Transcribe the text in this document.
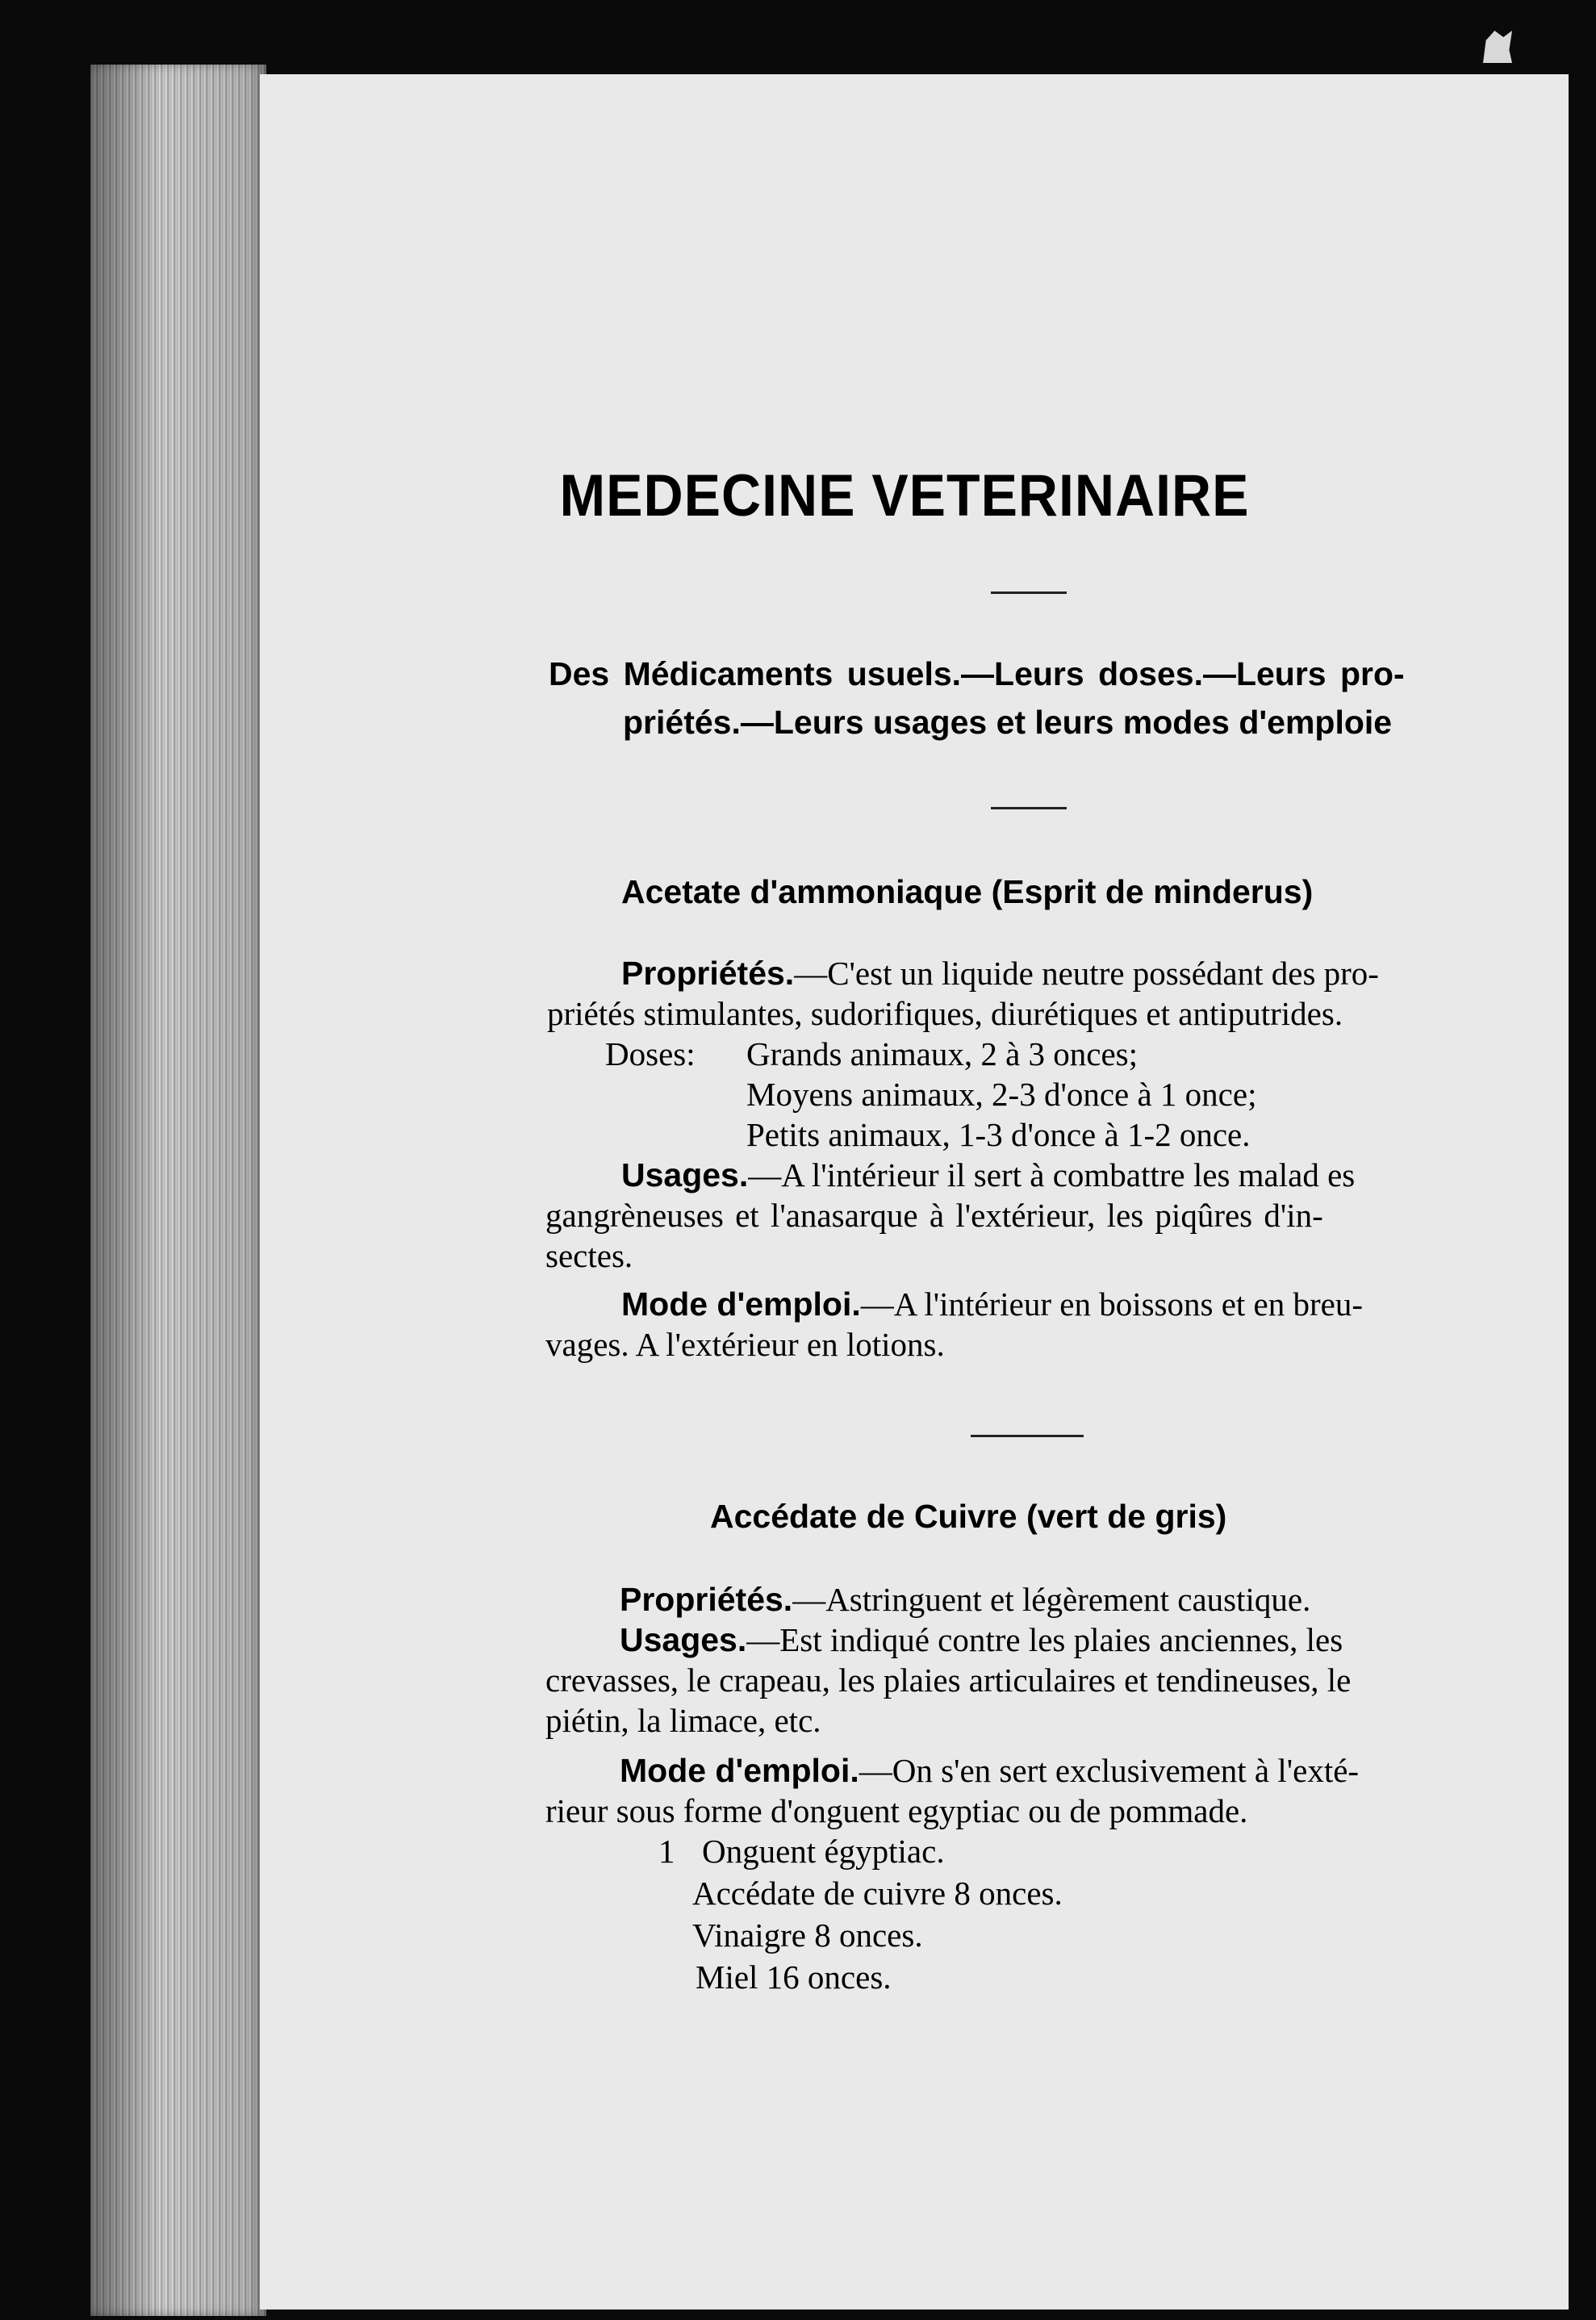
MEDECINE VETERINAIRE
Des Médicaments usuels.—Leurs doses.—Leurs pro-
priétés.—Leurs usages et leurs modes d'emploie
Acetate d'ammoniaque (Esprit de minderus)
Propriétés.—C'est un liquide neutre possédant des pro-
priétés stimulantes, sudorifiques, diurétiques et antiputrides.
Doses: Grands animaux, 2 à 3 onces;
Moyens animaux, 2-3 d'once à 1 once;
Petits animaux, 1-3 d'once à 1-2 once.
Usages.—A l'intérieur il sert à combattre les malad es
gangrèneuses et l'anasarque à l'extérieur, les piqûres d'in-
sectes.
Mode d'emploi.—A l'intérieur en boissons et en breu-
vages. A l'extérieur en lotions.
Accédate de Cuivre (vert de gris)
Propriétés.—Astringuent et légèrement caustique.
Usages.—Est indiqué contre les plaies anciennes, les
crevasses, le crapeau, les plaies articulaires et tendineuses, le
piétin, la limace, etc.
Mode d'emploi.—On s'en sert exclusivement à l'exté-
rieur sous forme d'onguent egyptiac ou de pommade.
1 Onguent égyptiac.
Accédate de cuivre 8 onces.
Vinaigre 8 onces.
Miel 16 onces.
